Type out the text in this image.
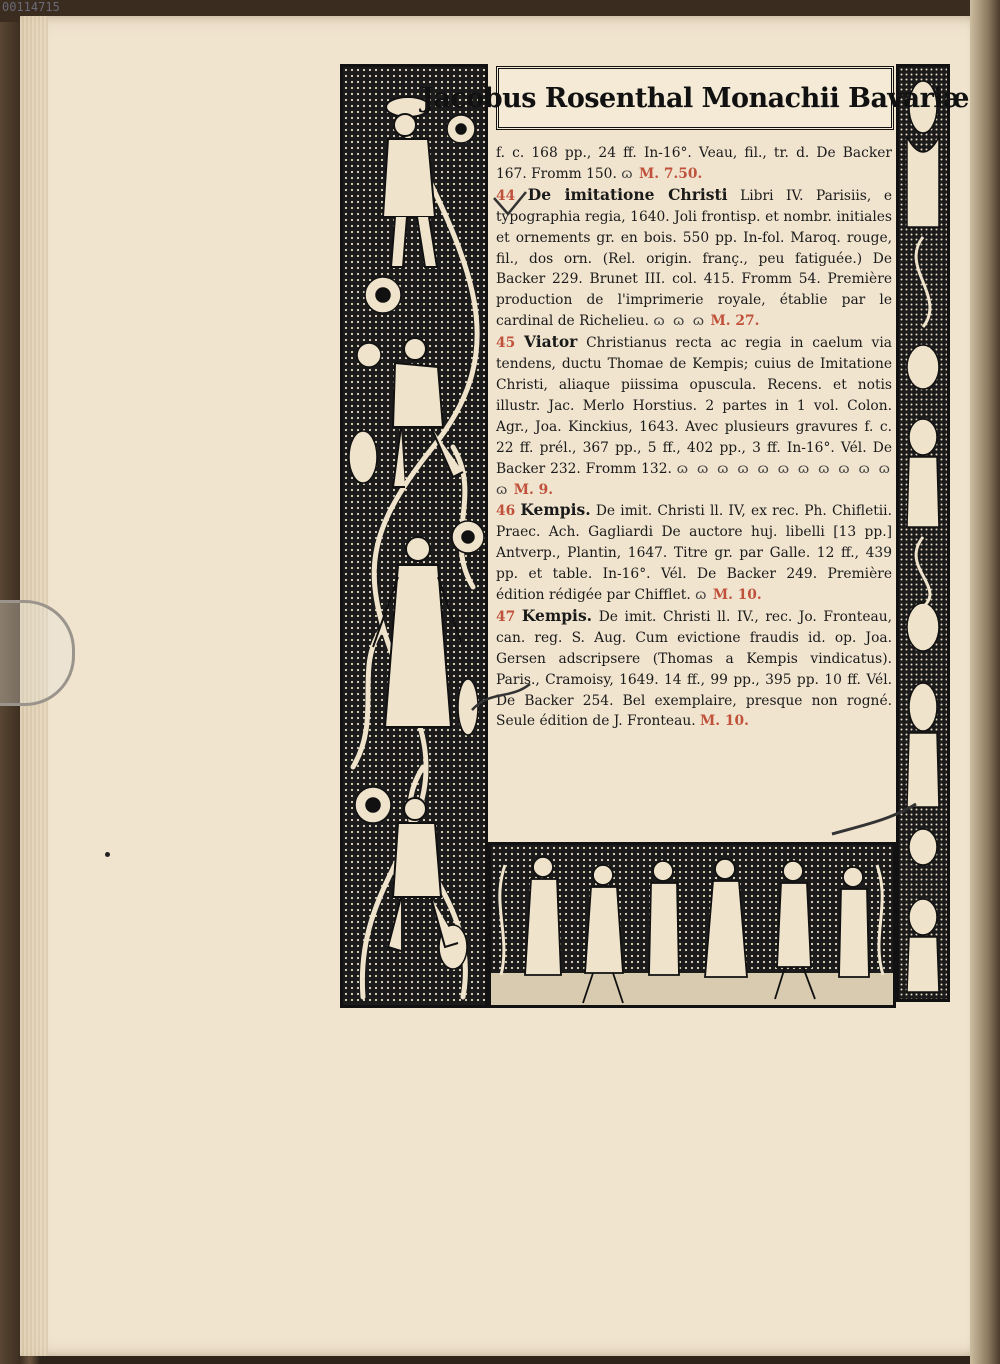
00114715
Jacobus Rosenthal Monachii Bavariæ

f. c. 168 pp., 24 ff. In-16°. Veau, fil., tr. d. De Backer 167. Fromm 150. ɷ M. 7.50.

44 De imitatione Christi Libri IV. Parisiis, e typographia regia, 1640. Joli frontisp. et nombr. initiales et ornements gr. en bois. 550 pp. In-fol. Maroq. rouge, fil., dos orn. (Rel. origin. franç., peu fatiguée.) De Backer 229. Brunet III. col. 415. Fromm 54. Première production de l'imprimerie royale, établie par le cardinal de Richelieu. ɷ ɷ ɷ M. 27.

45 Viator Christianus recta ac regia in caelum via tendens, ductu Thomae de Kempis; cuius de Imitatione Christi, aliaque piissima opuscula. Recens. et notis illustr. Jac. Merlo Horstius. 2 partes in 1 vol. Colon. Agr., Joa. Kinckius, 1643. Avec plusieurs gravures f. c. 22 ff. prél., 367 pp., 5 ff., 402 pp., 3 ff. In-16°. Vél. De Backer 232. Fromm 132. ɷ ɷ ɷ ɷ ɷ ɷ ɷ ɷ ɷ ɷ ɷ ɷ M. 9.

46 Kempis. De imit. Christi ll. IV, ex rec. Ph. Chifletii. Praec. Ach. Gagliardi De auctore huj. libelli [13 pp.] Antverp., Plantin, 1647. Titre gr. par Galle. 12 ff., 439 pp. et table. In-16°. Vél. De Backer 249. Première édition rédigée par Chifflet. ɷ M. 10.

47 Kempis. De imit. Christi ll. IV., rec. Jo. Fronteau, can. reg. S. Aug. Cum evictione fraudis id. op. Joa. Gersen adscripsere (Thomas a Kempis vindicatus). Paris., Cramoisy, 1649. 14 ff., 99 pp., 395 pp. 10 ff. Vél. De Backer 254. Bel exemplaire, presque non rogné. Seule édition de J. Fronteau. M. 10.
